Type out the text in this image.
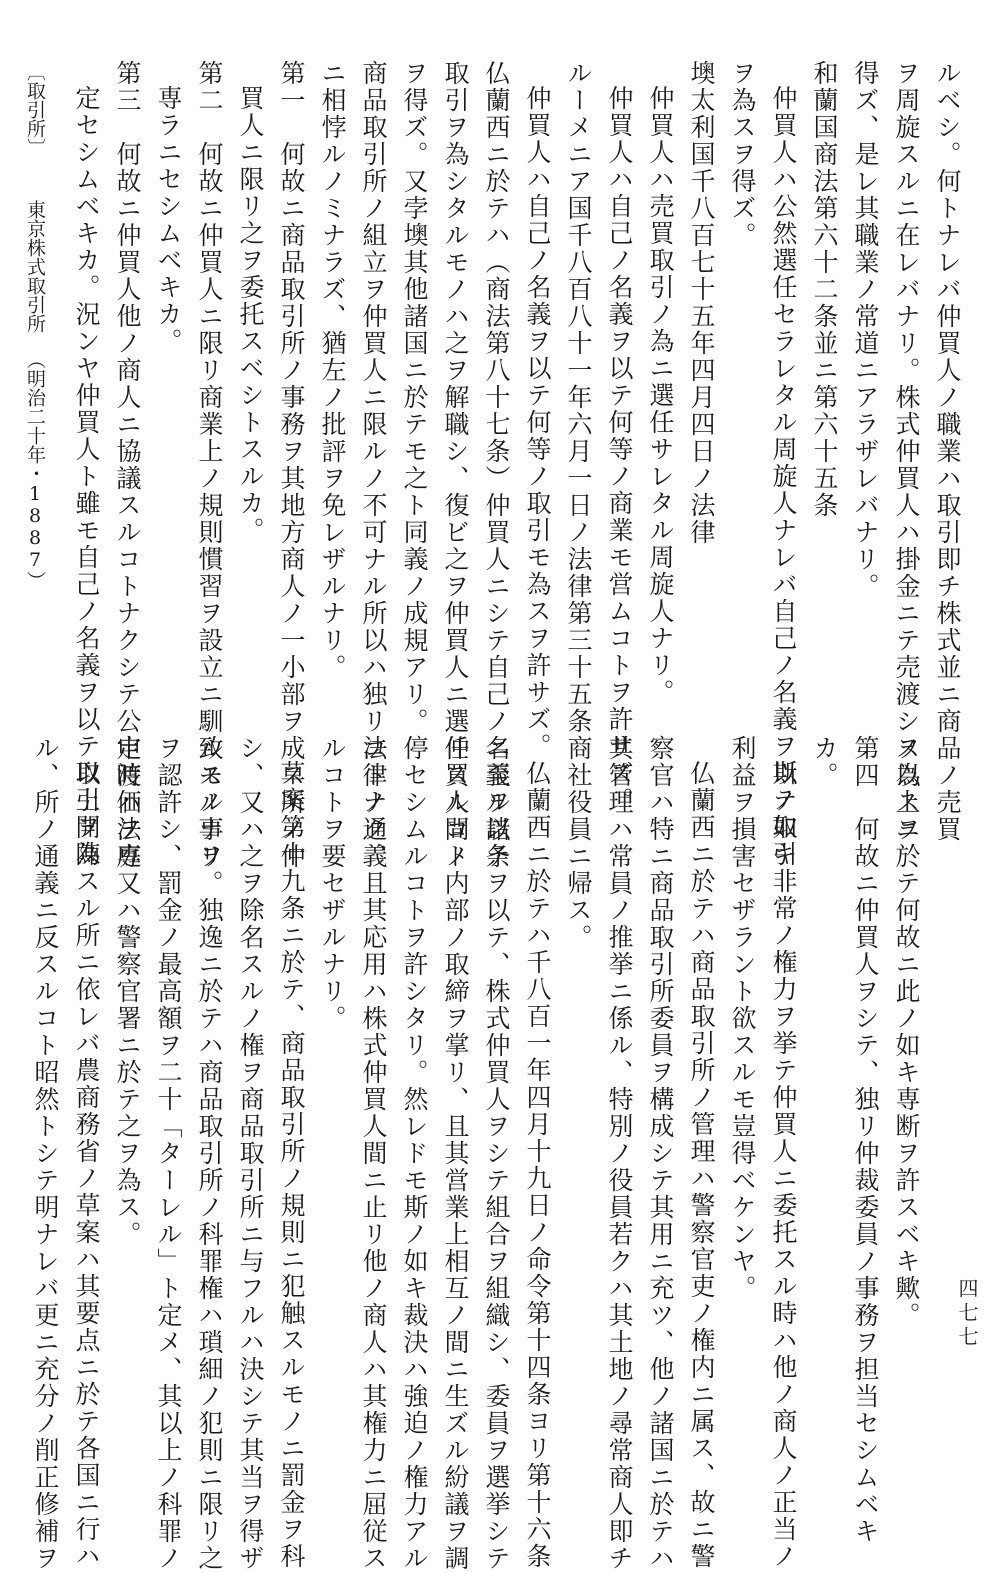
ルベシ。何トナレバ仲買人ノ職業ハ取引即チ株式並ニ商品ノ売買
ヲ周旋スルニ在レバナリ。株式仲買人ハ掛金ニテ売渡シヲ為スヲ
得ズ、是レ其職業ノ常道ニアラザレバナリ。
和蘭国商法第六十二条並ニ第六十五条
仲買人ハ公然選任セラレタル周旋人ナレバ自己ノ名義ヲ以テ取引
ヲ為スヲ得ズ。
墺太利国千八百七十五年四月四日ノ法律
仲買人ハ売買取引ノ為ニ選任サレタル周旋人ナリ。
仲買人ハ自己ノ名義ヲ以テ何等ノ商業モ営ムコトヲ許サズ。
ルーメニア国千八百八十一年六月一日ノ法律第三十五条
仲買人ハ自己ノ名義ヲ以テ何等ノ取引モ為スヲ許サズ。
仏蘭西ニ於テハ（商法第八十七条）仲買人ニシテ自己ノ名義ヲ以テ
取引ヲ為シタルモノハ之ヲ解職シ、復ビ之ヲ仲買人ニ選任スルコト
ヲ得ズ。又孛墺其他諸国ニ於テモ之ト同義ノ成規アリ。
商品取引所ノ組立ヲ仲買人ニ限ルノ不可ナル所以ハ独リ法律ノ通義
ニ相悖ルノミナラズ、猶左ノ批評ヲ免レザルナリ。
第一　何故ニ商品取引所ノ事務ヲ其地方商人ノ一小部ヲ成ス所ノ仲
買人ニ限リ之ヲ委托スベシトスルカ。
第二　何故ニ仲買人ニ限リ商業上ノ規則慣習ヲ設立ニ馴致スル事ヲ
専ラニセシムベキカ。
第三　何故ニ仲買人他ノ商人ニ協議スルコトナクシテ公定時価ヲ専
定セシムベキカ。況ンヤ仲買人ト雖モ自己ノ名義ヲ以テ取引ヲ為
ス以上ニ於テ何故ニ此ノ如キ専断ヲ許スベキ歟。
第四　何故ニ仲買人ヲシテ、独リ仲裁委員ノ事務ヲ担当セシムベキ
カ。
斯ノ如キ非常ノ権力ヲ挙テ仲買人ニ委托スル時ハ他ノ商人ノ正当ノ
利益ヲ損害セザラント欲スルモ豈得ベケンヤ。
仏蘭西ニ於テハ商品取引所ノ管理ハ警察官吏ノ権内ニ属ス、故ニ警
察官ハ特ニ商品取引所委員ヲ構成シテ其用ニ充ツ、他ノ諸国ニ於テハ
其管理ハ常員ノ推挙ニ係ル、特別ノ役員若クハ其土地ノ尋常商人即チ
商社役員ニ帰ス。
仏蘭西ニ於テハ千八百一年四月十九日ノ命令第十四条ヨリ第十六条
ニ至ル諸条ヲ以テ、株式仲買人ヲシテ組合ヲ組織シ、委員ヲ選挙シテ
仲買人間ノ内部ノ取締ヲ掌リ、且其営業上相互ノ間ニ生ズル紛議ヲ調
停セシムルコトヲ許シタリ。然レドモ斯ノ如キ裁決ハ強迫ノ権力アル
コトナク、且其応用ハ株式仲買人間ニ止リ他ノ商人ハ其権力ニ屈従ス
ルコトヲ要セザルナリ。
草案第十九条ニ於テ、商品取引所ノ規則ニ犯触スルモノニ罰金ヲ科
シ、又ハ之ヲ除名スルノ権ヲ商品取引所ニ与フルハ決シテ其当ヲ得ザ
ルモノナリ。独逸ニ於テハ商品取引所ノ科罪権ハ瑣細ノ犯則ニ限リ之
ヲ認許シ、罰金ノ最高額ヲ二十「ターレル」ト定メ、其以上ノ科罪ノ
申渡ハ法庭又ハ警察官署ニ於テ之ヲ為ス。
以上開陳スル所ニ依レバ農商務省ノ草案ハ其要点ニ於テ各国ニ行ハ
ル、所ノ通義ニ反スルコト昭然トシテ明ナレバ更ニ充分ノ削正修補ヲ
〔取引所〕
東京株式取引所
（明治二十年・1887）
四七七
